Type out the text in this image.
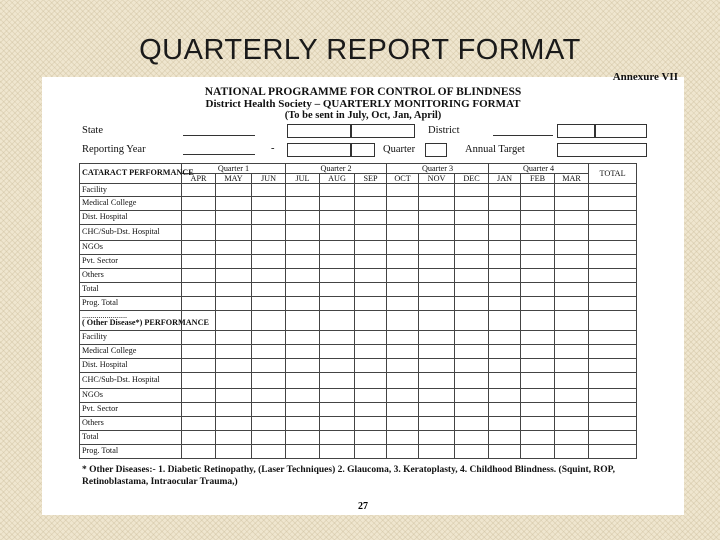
QUARTERLY REPORT FORMAT
Annexure VII
NATIONAL PROGRAMME FOR CONTROL OF BLINDNESS
District Health Society – QUARTERLY MONITORING FORMAT
(To be sent in July, Oct, Jan, April)
State	District
Reporting Year	-	Quarter	Annual Target
CATARACT PERFORMANCE	Quarter 1			Quarter 2			Quarter 3			Quarter 4			TOTAL
	APR	MAY	JUN	JUL	AUG	SEP	OCT	NOV	DEC	JAN	FEB	MAR	
Facility													
Medical College													
Dist. Hospital													
CHC/Sub-Dst. Hospital													
NGOs													
Pvt. Sector													
Others													
Total													
Prog. Total													

......................
( Other Disease*) PERFORMANCE													

Facility													
Medical College													
Dist. Hospital													
CHC/Sub-Dst. Hospital													
NGOs													
Pvt. Sector													
Others													
Total													
Prog. Total													
* Other Diseases:- 1. Diabetic Retinopathy, (Laser Techniques) 2. Glaucoma, 3. Keratoplasty, 4. Childhood Blindness. (Squint, ROP, Retinoblastama, Intraocular Trauma,)
27
